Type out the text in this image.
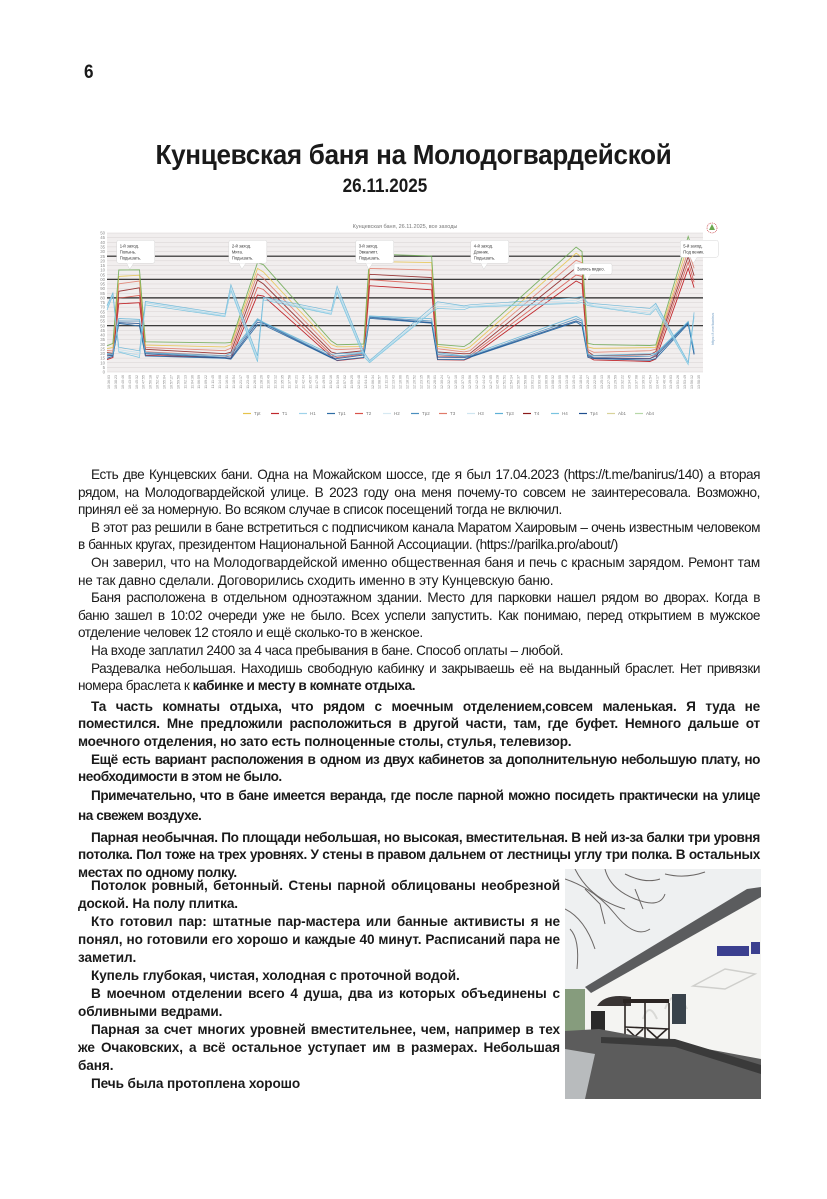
6
Кунцевская баня на Молодогвардейской
26.11.2025
Кунцевская баня, 26.11.2025, все заходы
50
45
40
35
30
25
20
15
10
05
00
95
90
85
80
75
70
65
60
55
50
45
40
35
30
25
20
15
10
5
0
10:36:03 10:38:23 10:40:46 10:43:09 10:45:32 10:47:55 10:50:18 10:52:41 10:55:04 10:57:27 10:59:50 11:02:13 11:04:36 11:06:59 11:09:22 11:11:45 11:14:08 11:16:31 11:18:54 11:21:17 11:23:40 11:26:03 11:28:26 11:30:49 11:33:12 11:35:35 11:37:58 11:40:21 11:42:44 11:45:07 11:47:30 11:49:53 11:52:16 11:54:39 11:57:02 11:59:25 12:01:48 12:04:11 12:06:34 12:08:57 12:11:20 12:13:43 12:16:06 12:18:29 12:20:52 12:23:15 12:25:38 12:28:01 12:30:24 12:32:47 12:35:10 12:37:33 12:39:56 12:42:19 12:44:42 12:47:05 12:49:28 12:51:51 12:54:14 12:56:37 12:59:00 13:01:23 13:03:46 13:06:09 13:08:32 13:10:55 13:13:18 13:15:41 13:18:04 13:20:27 13:22:50 13:25:13 13:27:36 13:29:59 13:32:22 13:34:45 13:37:08 13:39:31 13:41:54 13:44:17 13:46:40 13:49:03 13:51:26 13:53:49 13:56:12 13:58:35
1-й заход.
Полынь.
Подышать.
2-й заход.
Мята.
Подышать.
3-й заход.
Эвкалипт.
Подышать.
4-й заход.
Донник.
Подышать.
Запись видео.
5-й заход.
Под веник.
Tpt	T1	H1	Tp1	T2	H2	Tp2	T3	H3	Tp3	T4	H4	Tp4	Ab1	Ab4
https://t.me/banirus

Есть две Кунцевских бани. Одна на Можайском шоссе, где я был 17.04.2023 (https://t.me/banirus/140) а вторая рядом, на Молодогвардейской улице. В 2023 году она меня почему-то совсем не заинтересовала. Возможно, принял её за номерную. Во всяком случае в список посещений тогда не включил.

В этот раз решили в бане встретиться с подписчиком канала Маратом Хаировым – очень известным человеком в банных кругах, президентом Национальной Банной Ассоциации. (https://parilka.pro/about/)

Он заверил, что на Молодогвардейской именно общественная баня и печь с красным зарядом. Ремонт там не так давно сделали. Договорились сходить именно в эту Кунцевскую баню.

Баня расположена в отдельном одноэтажном здании. Место для парковки нашел рядом во дворах. Когда в баню зашел в 10:02 очереди уже не было. Всех успели запустить. Как понимаю, перед открытием в мужское отделение человек 12 стояло и ещё сколько-то в женское.

На входе заплатил 2400 за 4 часа пребывания в бане. Способ оплаты – любой.

Раздевалка небольшая. Находишь свободную кабинку и закрываешь её на выданный браслет. Нет привязки номера браслета к кабинке и месту в комнате отдыха.

Та часть комнаты отдыха, что рядом с моечным отделением,совсем маленькая. Я туда не поместился. Мне предложили расположиться в другой части, там, где буфет. Немного дальше от моечного отделения, но зато есть полноценные столы, стулья, телевизор.

Ещё есть вариант расположения в одном из двух кабинетов за дополнительную небольшую плату, но необходимости в этом не было.

Примечательно, что в бане имеется веранда, где после парной можно посидеть практически на улице на свежем воздухе.

Парная необычная. По площади небольшая, но высокая, вместительная. В ней из-за балки три уровня потолка. Пол тоже на трех уровнях. У стены в правом дальнем от лестницы углу три полка. В остальных местах по одному полку.

Потолок ровный, бетонный. Стены парной облицованы необрезной доской. На полу плитка.

Кто готовил пар: штатные пар-мастера или банные активисты я не понял, но готовили его хорошо и каждые 40 минут. Расписаний пара не заметил.

Купель глубокая, чистая, холодная с проточной водой.

В моечном отделении всего 4 душа, два из которых объединены с обливными ведрами.

Парная за счет многих уровней вместительнее, чем, например в тех же Очаковских, а всё остальное уступает им в размерах. Небольшая баня.

Печь была протоплена хорошо
